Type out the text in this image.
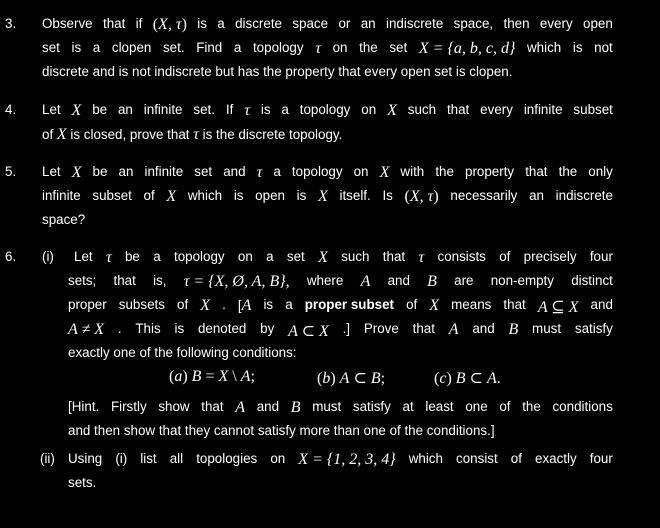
3. Observe that if (X, τ) is a discrete space or an indiscrete space, then every open
set is a clopen set. Find a topology τ on the set X = {a, b, c, d} which is not
discrete and is not indiscrete but has the property that every open set is clopen.
4. Let X be an infinite set. If τ is a topology on X such that every infinite subset
of X is closed, prove that τ is the discrete topology.
5. Let X be an infinite set and τ a topology on X with the property that the only
infinite subset of X which is open is X itself. Is (X, τ) necessarily an indiscrete
space?
6. (i) Let τ be a topology on a set X such that τ consists of precisely four
sets; that is, τ = {X, Ø, A, B}, where A and B are non-empty distinct
proper subsets of X . [A is a proper subset of X means that A ⊆ X and
A ≠ X . This is denoted by A ⊂ X .] Prove that A and B must satisfy
exactly one of the following conditions:
(a) B = X \ A;	(b) A ⊂ B;	(c) B ⊂ A.
[Hint. Firstly show that A and B must satisfy at least one of the conditions
and then show that they cannot satisfy more than one of the conditions.]
(ii) Using (i) list all topologies on X = {1, 2, 3, 4} which consist of exactly four
sets.
